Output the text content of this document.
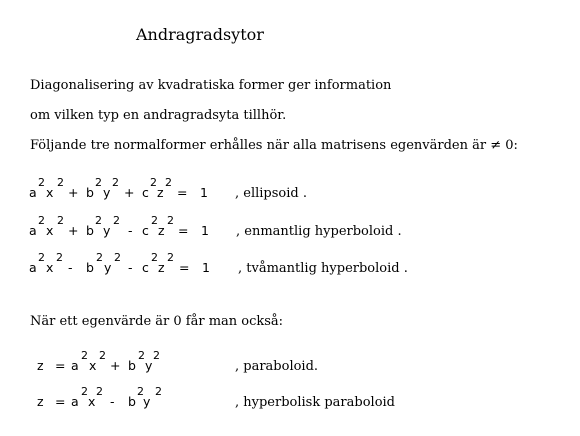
Andragradsytor
Diagonalisering av kvadratiska former ger information
om vilken typ en andragradsyta tillhör.
Följande tre normalformer erhålles när alla matrisens egenvärden är ≠ 0:
a
2
x
2
+ b
2
y
2
+ c
2
z
2
= 1 , ellipsoid .
a
2
x
2
+ b
2
y
2
- c
2
z
2
= 1 , enmantlig hyperboloid .
a
2
x
2
- b
2
y
2
- c
2
z
2
= 1 , tvåmantlig hyperboloid .
När ett egenvärde är 0 får man också:
z = a
2
x
2
+ b
2
y
2
, paraboloid.
z = a
2
x
2
- b
2
y
2
, hyperbolisk paraboloid
